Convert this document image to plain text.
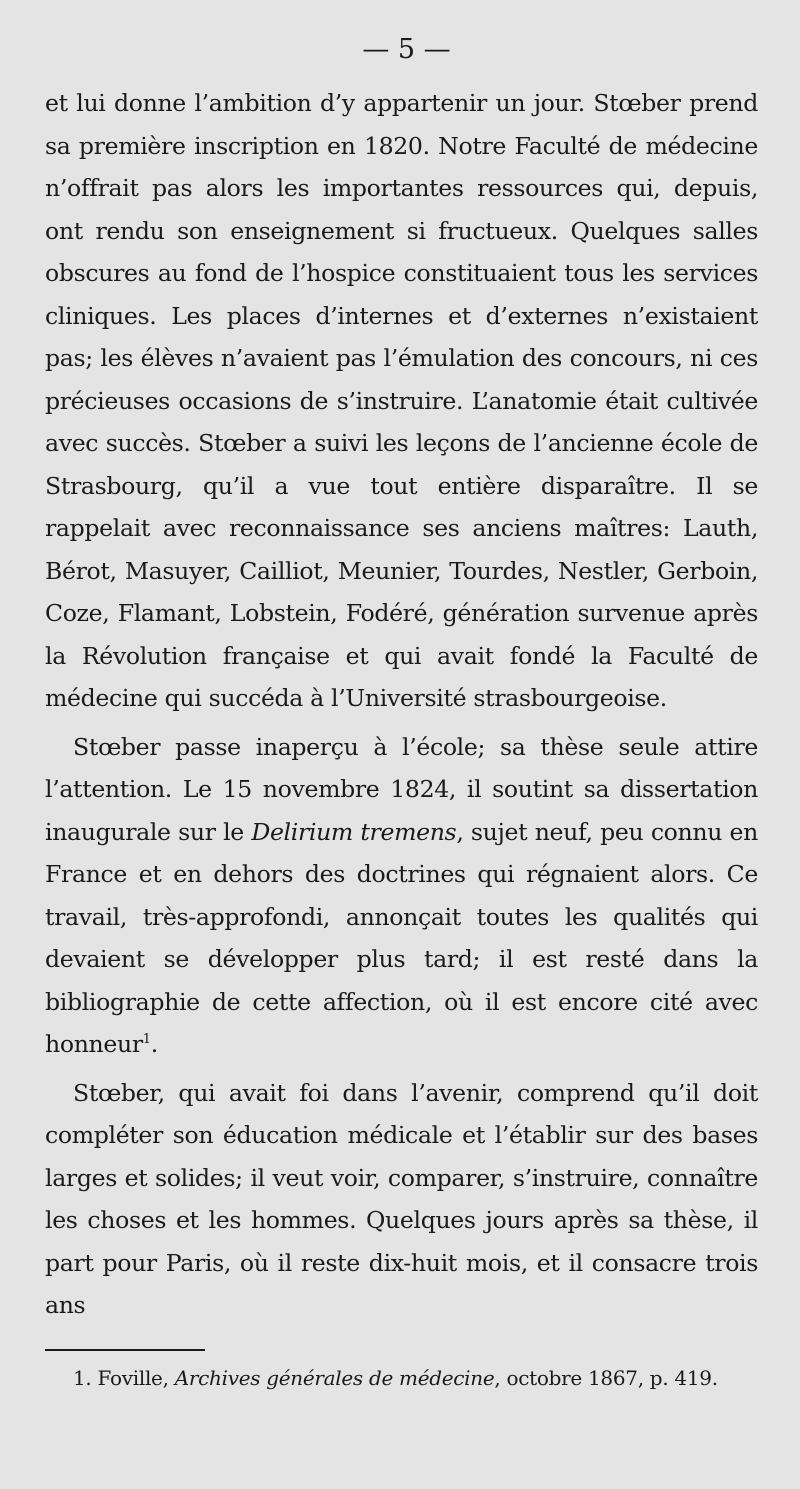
— 5 —

et lui donne l’ambition d’y appartenir un jour. Stœber prend sa première inscription en 1820. Notre Faculté de médecine n’offrait pas alors les importantes ressources qui, depuis, ont rendu son enseignement si fructueux. Quelques salles obscures au fond de l’hospice constituaient tous les services cliniques. Les places d’internes et d’externes n’existaient pas; les élèves n’avaient pas l’émulation des concours, ni ces précieuses occasions de s’instruire. L’anatomie était cultivée avec succès. Stœber a suivi les leçons de l’ancienne école de Strasbourg, qu’il a vue tout entière disparaître. Il se rappelait avec reconnaissance ses anciens maîtres: Lauth, Bérot, Masuyer, Cailliot, Meunier, Tourdes, Nestler, Gerboin, Coze, Flamant, Lobstein, Fodéré, génération survenue après la Révolution française et qui avait fondé la Faculté de médecine qui succéda à l’Université strasbourgeoise.

Stœber passe inaperçu à l’école; sa thèse seule attire l’attention. Le 15 novembre 1824, il soutint sa dissertation inaugurale sur le Delirium tremens, sujet neuf, peu connu en France et en dehors des doctrines qui régnaient alors. Ce travail, très-approfondi, annonçait toutes les qualités qui devaient se développer plus tard; il est resté dans la bibliographie de cette affection, où il est encore cité avec honneur$^1$.

Stœber, qui avait foi dans l’avenir, comprend qu’il doit compléter son éducation médicale et l’établir sur des bases larges et solides; il veut voir, comparer, s’instruire, connaître les choses et les hommes. Quelques jours après sa thèse, il part pour Paris, où il reste dix-huit mois, et il consacre trois ans

1. Foville, Archives générales de médecine, octobre 1867, p. 419.
